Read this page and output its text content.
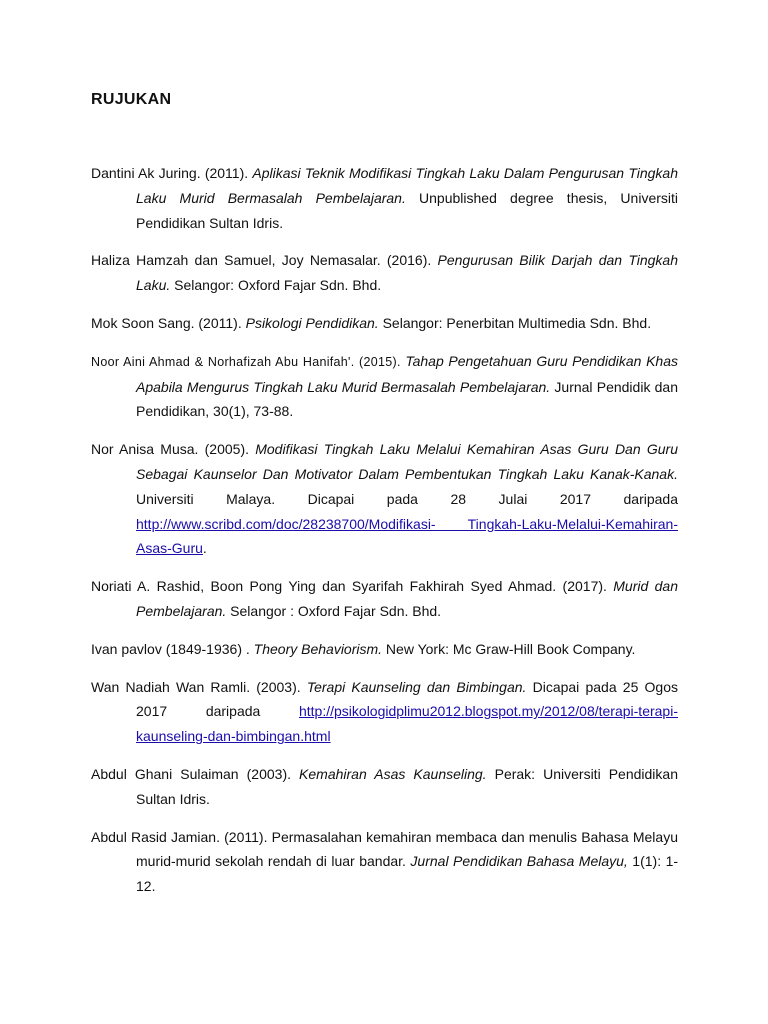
RUJUKAN
Dantini Ak Juring. (2011). Aplikasi Teknik Modifikasi Tingkah Laku Dalam Pengurusan Tingkah Laku Murid Bermasalah Pembelajaran. Unpublished degree thesis, Universiti Pendidikan Sultan Idris.
Haliza Hamzah dan Samuel, Joy Nemasalar. (2016). Pengurusan Bilik Darjah dan Tingkah Laku. Selangor: Oxford Fajar Sdn. Bhd.
Mok Soon Sang. (2011). Psikologi Pendidikan. Selangor: Penerbitan Multimedia Sdn. Bhd.
Noor Aini Ahmad & Norhafizah Abu Hanifah'. (2015). Tahap Pengetahuan Guru Pendidikan Khas Apabila Mengurus Tingkah Laku Murid Bermasalah Pembelajaran. Jurnal Pendidik dan Pendidikan, 30(1), 73-88.
Nor Anisa Musa. (2005). Modifikasi Tingkah Laku Melalui Kemahiran Asas Guru Dan Guru Sebagai Kaunselor Dan Motivator Dalam Pembentukan Tingkah Laku Kanak-Kanak. Universiti Malaya. Dicapai pada 28 Julai 2017 daripada http://www.scribd.com/doc/28238700/Modifikasi- Tingkah-Laku-Melalui-Kemahiran-Asas-Guru.
Noriati A. Rashid, Boon Pong Ying dan Syarifah Fakhirah Syed Ahmad. (2017). Murid dan Pembelajaran. Selangor : Oxford Fajar Sdn. Bhd.
Ivan pavlov (1849-1936) . Theory Behaviorism. New York: Mc Graw-Hill Book Company.
Wan Nadiah Wan Ramli. (2003). Terapi Kaunseling dan Bimbingan. Dicapai pada 25 Ogos 2017 daripada http://psikologidplimu2012.blogspot.my/2012/08/terapi-terapi-kaunseling-dan-bimbingan.html
Abdul Ghani Sulaiman (2003). Kemahiran Asas Kaunseling. Perak: Universiti Pendidikan Sultan Idris.
Abdul Rasid Jamian. (2011). Permasalahan kemahiran membaca dan menulis Bahasa Melayu murid-murid sekolah rendah di luar bandar. Jurnal Pendidikan Bahasa Melayu, 1(1): 1-12.
